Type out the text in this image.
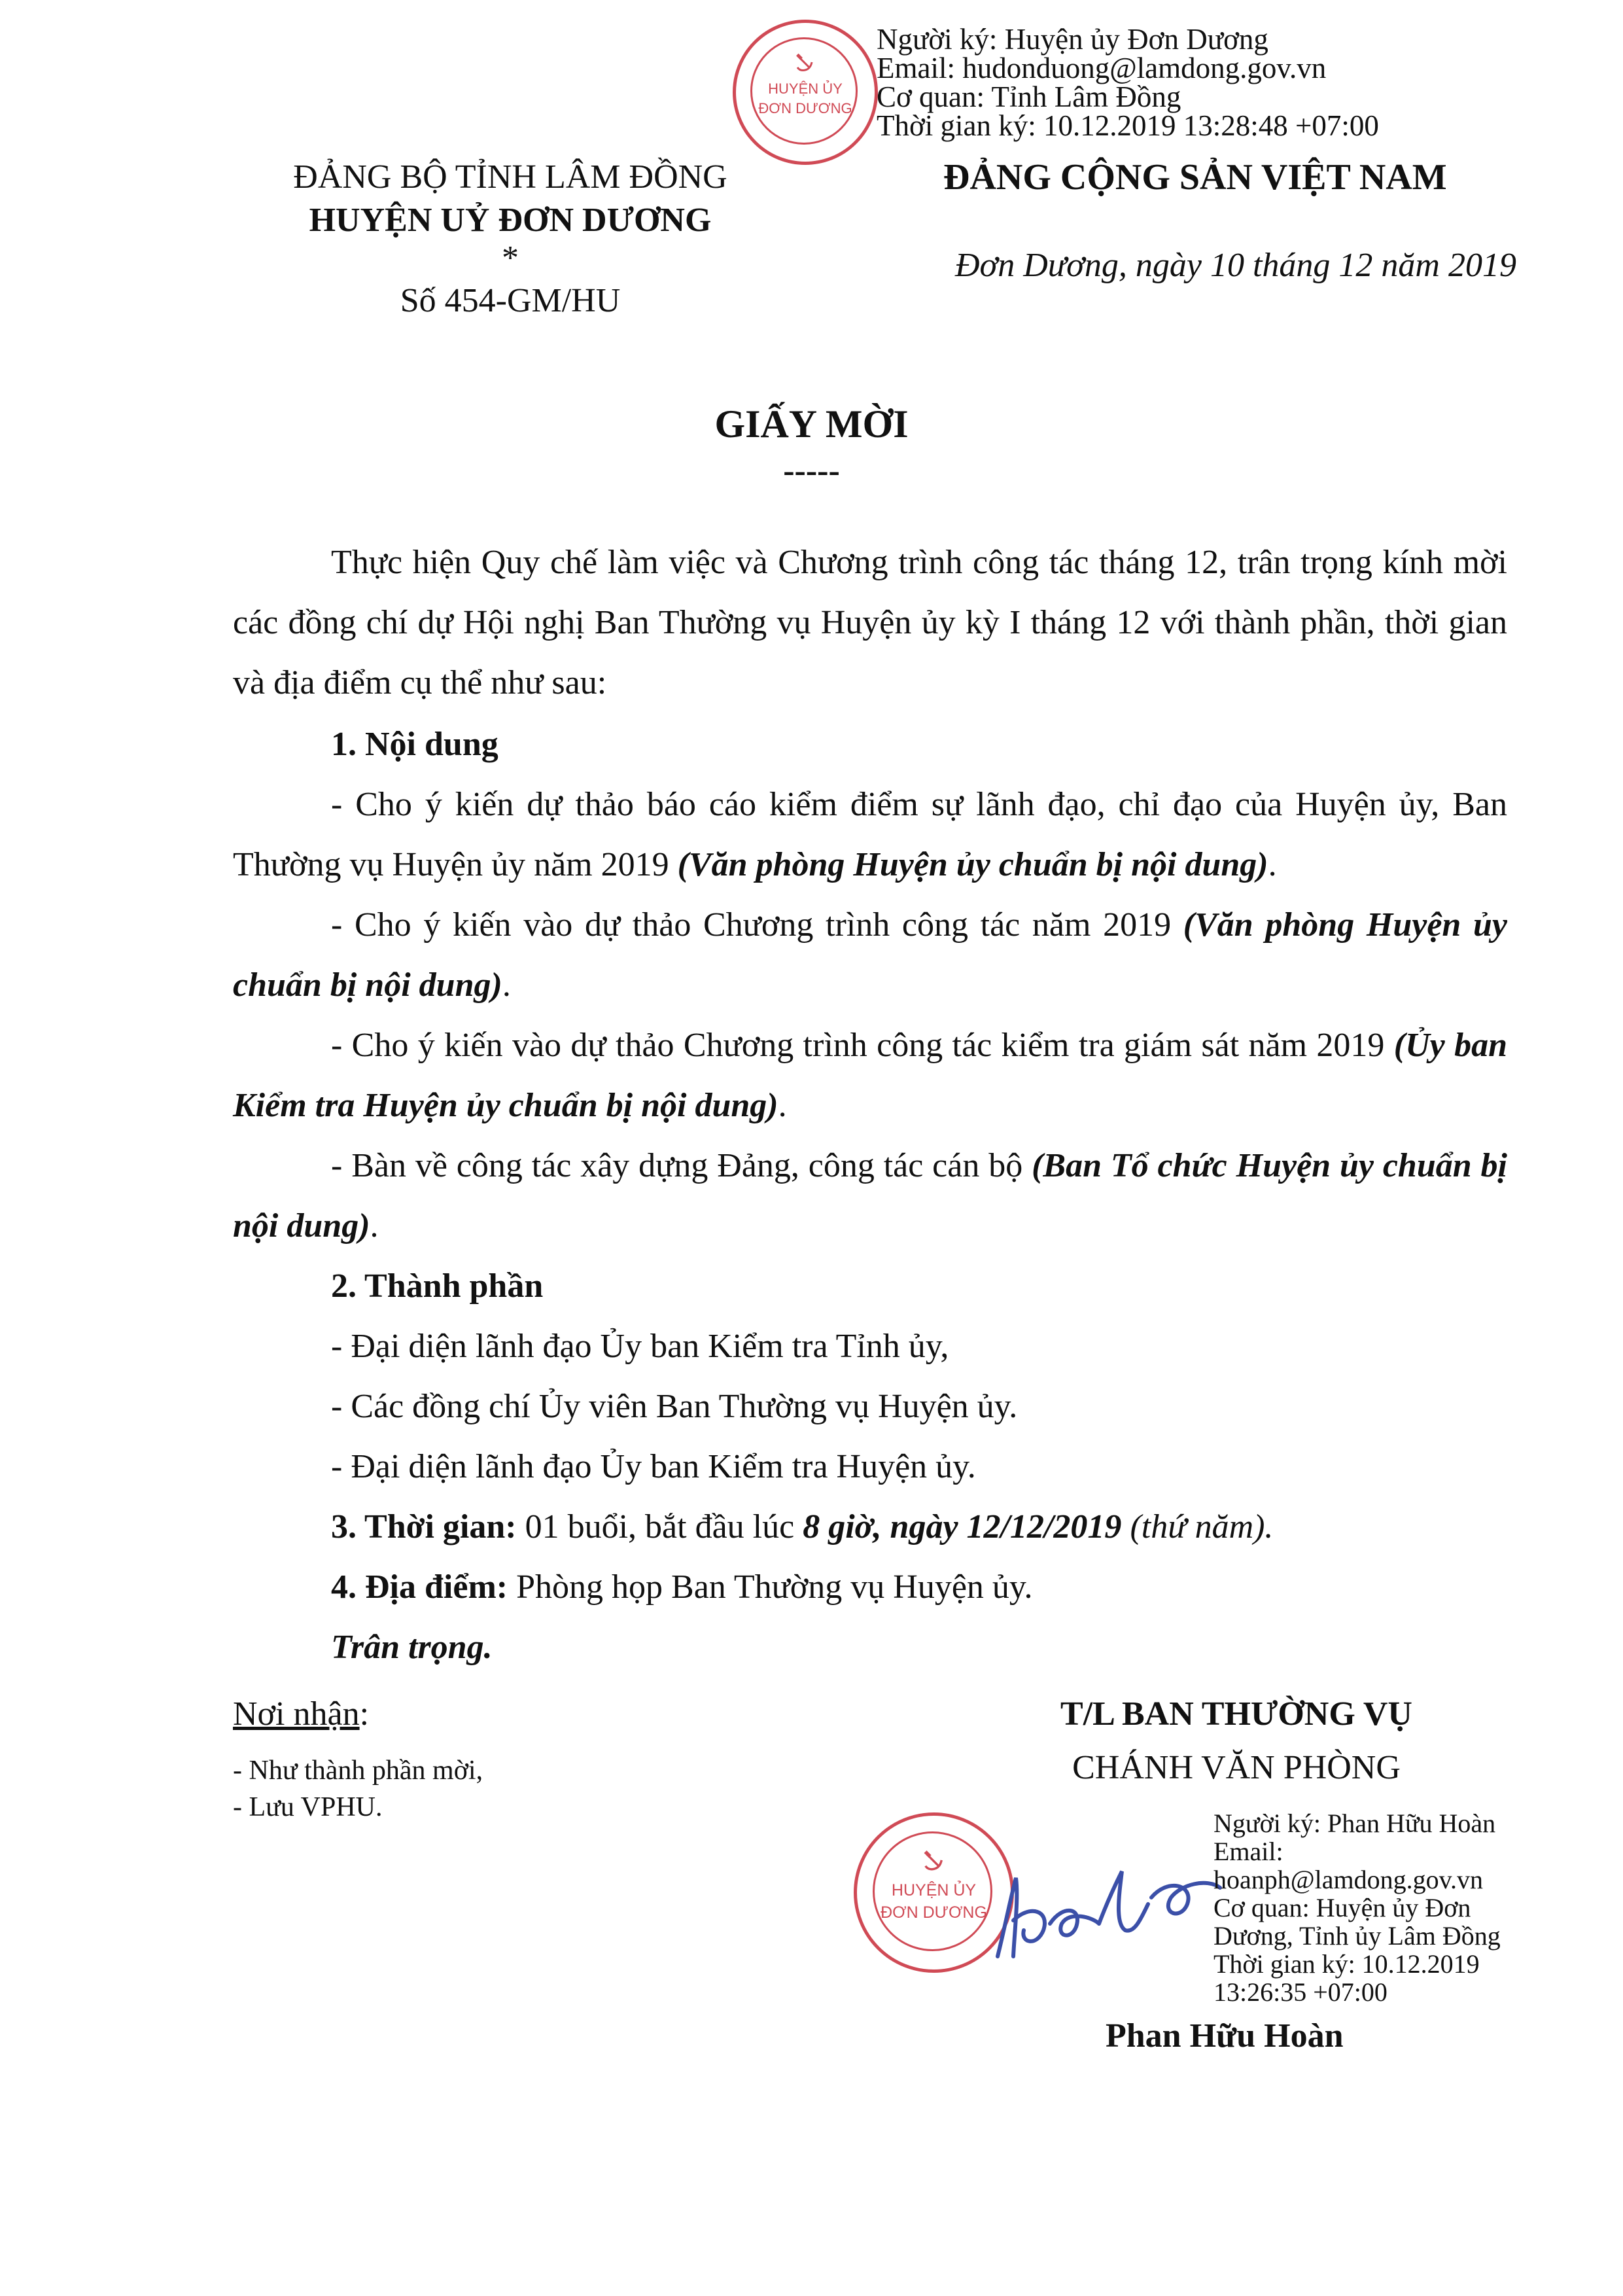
HUYỆN ỦY
ĐƠN DƯƠNG
Người ký: Huyện ủy Đơn Dương
Email: hudonduong@lamdong.gov.vn
Cơ quan: Tỉnh Lâm Đồng
Thời gian ký: 10.12.2019 13:28:48 +07:00
ĐẢNG BỘ TỈNH LÂM ĐỒNG
HUYỆN UỶ ĐƠN DƯƠNG
*
Số 454-GM/HU
ĐẢNG CỘNG SẢN VIỆT NAM
Đơn Dương, ngày 10 tháng 12 năm 2019
GIẤY MỜI
-----
Thực hiện Quy chế làm việc và Chương trình công tác tháng 12, trân trọng kính mời các đồng chí dự Hội nghị Ban Thường vụ Huyện ủy kỳ I tháng 12 với thành phần, thời gian và địa điểm cụ thể như sau:
1. Nội dung
- Cho ý kiến dự thảo báo cáo kiểm điểm sự lãnh đạo, chỉ đạo của Huyện ủy, Ban Thường vụ Huyện ủy năm 2019 (Văn phòng Huyện ủy chuẩn bị nội dung).
- Cho ý kiến vào dự thảo Chương trình công tác năm 2019 (Văn phòng Huyện ủy chuẩn bị nội dung).
- Cho ý kiến vào dự thảo Chương trình công tác kiểm tra giám sát năm 2019 (Ủy ban Kiểm tra Huyện ủy chuẩn bị nội dung).
- Bàn về công tác xây dựng Đảng, công tác cán bộ (Ban Tổ chức Huyện ủy chuẩn bị nội dung).
2. Thành phần
- Đại diện lãnh đạo Ủy ban Kiểm tra Tỉnh ủy,
- Các đồng chí Ủy viên Ban Thường vụ Huyện ủy.
- Đại diện lãnh đạo Ủy ban Kiểm tra Huyện ủy.
3. Thời gian: 01 buổi, bắt đầu lúc 8 giờ, ngày 12/12/2019 (thứ năm).
4. Địa điểm: Phòng họp Ban Thường vụ Huyện ủy.
Trân trọng.
Nơi nhận:
- Như thành phần mời,
- Lưu VPHU.
T/L BAN THƯỜNG VỤ
CHÁNH VĂN PHÒNG
HUYỆN ỦY
ĐƠN DƯƠNG
Người ký: Phan Hữu Hoàn
Email:
hoanph@lamdong.gov.vn
Cơ quan: Huyện ủy Đơn
Dương, Tỉnh ủy Lâm Đồng
Thời gian ký: 10.12.2019
13:26:35 +07:00
Phan Hữu Hoàn
